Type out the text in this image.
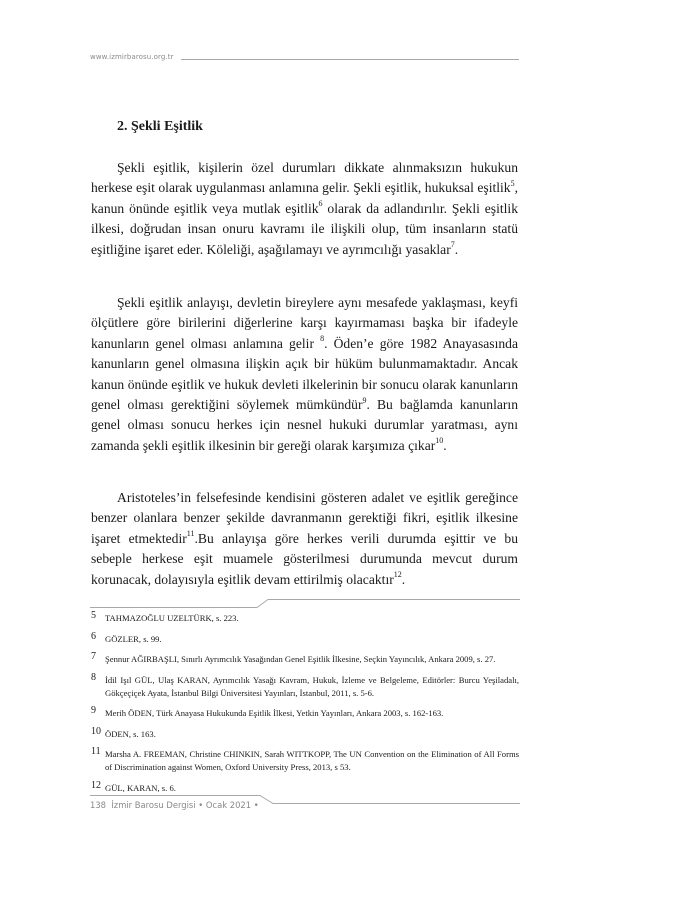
www.izmirbarosu.org.tr
2. Şekli Eşitlik

Şekli eşitlik, kişilerin özel durumları dikkate alınmaksızın hukukun herkese eşit olarak uygulanması anlamına gelir. Şekli eşitlik, hukuksal eşitlik$^5$, kanun önünde eşitlik veya mutlak eşitlik$^6$ olarak da adlandırılır. Şekli eşitlik ilkesi, doğrudan insan onuru kavramı ile ilişkili olup, tüm insanların statü eşitliğine işaret eder. Köleliği, aşağılamayı ve ayrımcılığı yasaklar$^7$.

Şekli eşitlik anlayışı, devletin bireylere aynı mesafede yaklaşması, keyfi ölçütlere göre birilerini diğerlerine karşı kayırmaması başka bir ifadeyle kanunların genel olması anlamına gelir $^8$. Öden’e göre 1982 Anayasasında kanunların genel olmasına ilişkin açık bir hüküm bulunmamaktadır. Ancak kanun önünde eşitlik ve hukuk devleti ilkelerinin bir sonucu olarak kanunların genel olması gerektiğini söylemek mümkündür$^9$. Bu bağlamda kanunların genel olması sonucu herkes için nesnel hukuki durumlar yaratması, aynı zamanda şekli eşitlik ilkesinin bir gereği olarak karşımıza çıkar$^{10}$.

Aristoteles’in felsefesinde kendisini gösteren adalet ve eşitlik gereğince benzer olanlara benzer şekilde davranmanın gerektiği fikri, eşitlik ilkesine işaret etmektedir$^{11}$.Bu anlayışa göre herkes verili durumda eşittir ve bu sebeple herkese eşit muamele gösterilmesi durumunda mevcut durum korunacak, dolayısıyla eşitlik devam ettirilmiş olacaktır$^{12}$.

5 TAHMAZOĞLU UZELTÜRK, s. 223.
6 GÖZLER, s. 99.
7 Şennur AĞIRBAŞLI, Sınırlı Ayrımcılık Yasağından Genel Eşitlik İlkesine, Seçkin Yayıncılık, Ankara 2009, s. 27.
8 İdil Işıl GÜL, Ulaş KARAN, Ayrımcılık Yasağı Kavram, Hukuk, İzleme ve Belgeleme, Editörler: Burcu Yeşiladalı, Gökçeçiçek Ayata, İstanbul Bilgi Üniversitesi Yayınları, İstanbul, 2011, s. 5-6.
9 Merih ÖDEN, Türk Anayasa Hukukunda Eşitlik İlkesi, Yetkin Yayınları, Ankara 2003, s. 162-163.
10 ÖDEN, s. 163.
11 Marsha A. FREEMAN, Christine CHINKIN, Sarah WITTKOPP, The UN Convention on the Elimination of All Forms of Discrimination against Women, Oxford University Press, 2013, s 53.
12 GÜL, KARAN, s. 6.
138 İzmir Barosu Dergisi • Ocak 2021 •
